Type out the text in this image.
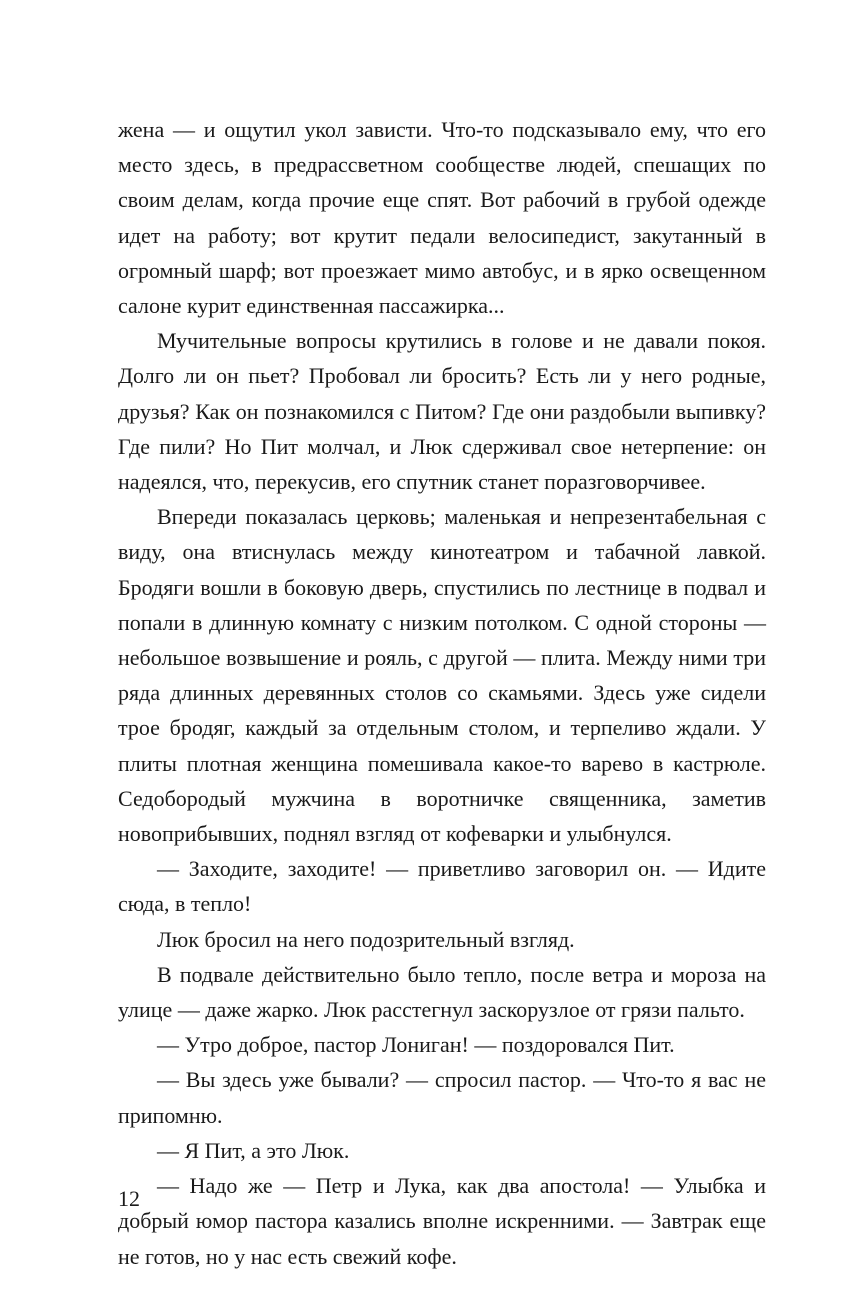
жена — и ощутил укол зависти. Что-то подсказывало ему, что его место здесь, в предрассветном сообществе людей, спешащих по своим делам, когда прочие еще спят. Вот рабочий в грубой одежде идет на работу; вот крутит педали велосипедист, закутанный в огромный шарф; вот проезжает мимо автобус, и в ярко освещенном салоне курит единственная пассажирка...

Мучительные вопросы крутились в голове и не давали покоя. Долго ли он пьет? Пробовал ли бросить? Есть ли у него родные, друзья? Как он познакомился с Питом? Где они раздобыли выпивку? Где пили? Но Пит молчал, и Люк сдерживал свое нетерпение: он надеялся, что, перекусив, его спутник станет поразговорчивее.

Впереди показалась церковь; маленькая и непрезентабельная с виду, она втиснулась между кинотеатром и табачной лавкой. Бродяги вошли в боковую дверь, спустились по лестнице в подвал и попали в длинную комнату с низким потолком. С одной стороны — небольшое возвышение и рояль, с другой — плита. Между ними три ряда длинных деревянных столов со скамьями. Здесь уже сидели трое бродяг, каждый за отдельным столом, и терпеливо ждали. У плиты плотная женщина помешивала какое-то варево в кастрюле. Седобородый мужчина в воротничке священника, заметив новоприбывших, поднял взгляд от кофеварки и улыбнулся.

— Заходите, заходите! — приветливо заговорил он. — Идите сюда, в тепло!

Люк бросил на него подозрительный взгляд.

В подвале действительно было тепло, после ветра и мороза на улице — даже жарко. Люк расстегнул заскорузлое от грязи пальто.

— Утро доброе, пастор Лониган! — поздоровался Пит.

— Вы здесь уже бывали? — спросил пастор. — Что-то я вас не припомню.

— Я Пит, а это Люк.

— Надо же — Петр и Лука, как два апостола! — Улыбка и добрый юмор пастора казались вполне искренними. — Завтрак еще не готов, но у нас есть свежий кофе.

12
